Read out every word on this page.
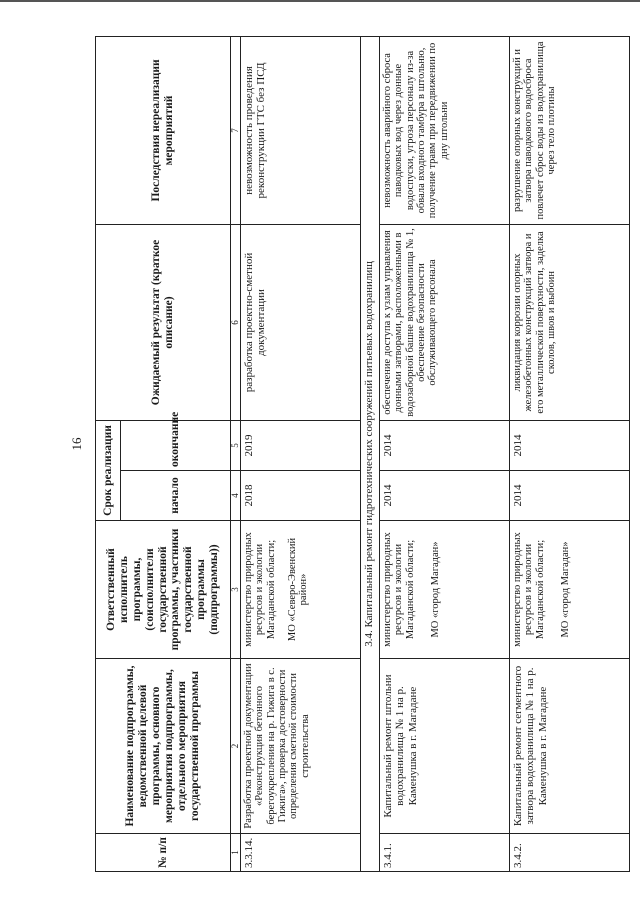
16
№ п/п	Наименование подпрограммы, ведомственной целевой программы, основного мероприятия подпрограммы, отдельного мероприятия государственной программы	Ответственный исполнитель программы, (соисполнители государственной программы, участники государственной программы (подпрограммы))	Срок реализации		Ожидаемый результат (краткое описание)	Последствия нереализации мероприятий
			начало	окончание		
1	2	3	4	5	6	7
3.3.14.	Разработка проектной документации «Реконструкция бетонного берегоукрепления на р. Гижига в с. Гижига», проверка достоверности определения сметной стоимости строительства	министерство природных ресурсов и экологии Магаданской области; МО «Северо-Эвенский район»	2018	2019	разработка проектно-сметной документации	невозможность проведения реконструкции ГТС без ПСД
3.4. Капитальный ремонт гидротехнических сооружений питьевых водохранилищ						
3.4.1.	Капитальный ремонт штольни водохранилища № 1 на р. Каменушка в г. Магадане	министерство природных ресурсов и экологии Магаданской области; МО «город Магадан»	2014	2014	обеспечение доступа к узлам управления донными затворами, расположенными в водозаборной башне водохранилища № 1, обеспечение безопасности обслуживающего персонала	невозможность аварийного сброса паводковых вод через донные водоспуски, угроза персоналу из-за обвала входного тамбура в штольню, получение травм при передвижении по дну штольни
3.4.2.	Капитальный ремонт сегментного затвора водохранилища № 1 на р. Каменушка в г. Магадане	министерство природных ресурсов и экологии Магаданской области; МО «город Магадан»	2014	2014	ликвидация коррозии опорных железобетонных конструкций затвора и его металлической поверхности, заделка сколов, швов и выбоин	разрушение опорных конструкций и затвора паводкового водосброса повлечет сброс воды из водохранилища через тело плотины
